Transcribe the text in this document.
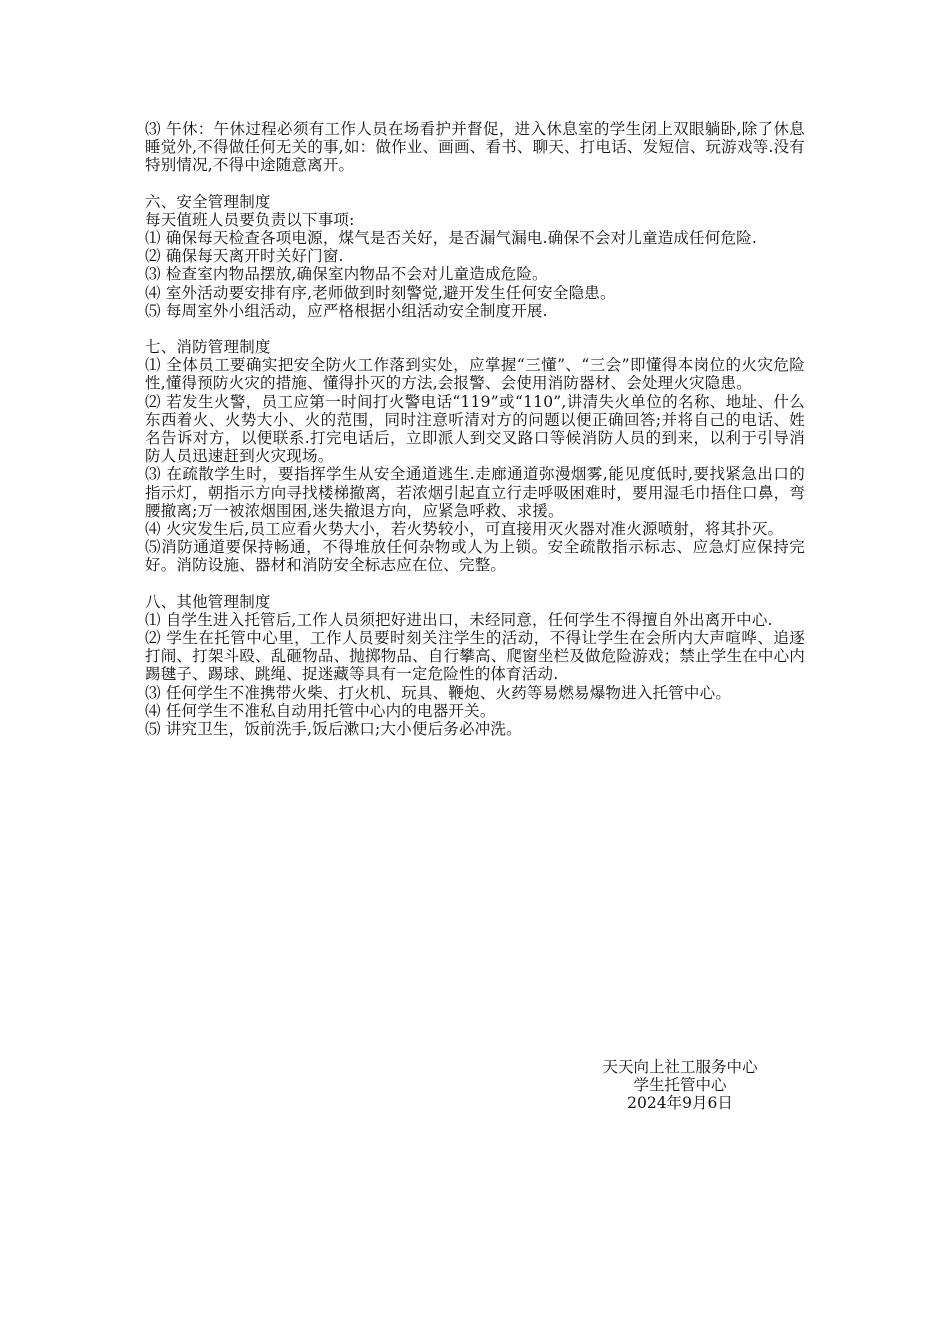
⑶ 午休：午休过程必须有工作人员在场看护并督促，进入休息室的学生闭上双眼躺卧,除了休息睡觉外,不得做任何无关的事,如：做作业、画画、看书、聊天、打电话、发短信、玩游戏等.没有特别情况,不得中途随意离开。

六、安全管理制度

每天值班人员要负责以下事项:

⑴ 确保每天检查各项电源，煤气是否关好，是否漏气漏电.确保不会对儿童造成任何危险.

⑵ 确保每天离开时关好门窗.

⑶ 检查室内物品摆放,确保室内物品不会对儿童造成危险。

⑷ 室外活动要安排有序,老师做到时刻警觉,避开发生任何安全隐患。

⑸ 每周室外小组活动，应严格根据小组活动安全制度开展.

七、消防管理制度

⑴ 全体员工要确实把安全防火工作落到实处，应掌握“三懂”、“三会”即懂得本岗位的火灾危险性,懂得预防火灾的措施、懂得扑灭的方法,会报警、会使用消防器材、会处理火灾隐患。

⑵ 若发生火警，员工应第一时间打火警电话“119”或“110”,讲清失火单位的名称、地址、什么东西着火、火势大小、火的范围，同时注意听清对方的问题以便正确回答;并将自己的电话、姓名告诉对方，以便联系.打完电话后，立即派人到交叉路口等候消防人员的到来，以利于引导消防人员迅速赶到火灾现场。

⑶ 在疏散学生时，要指挥学生从安全通道逃生.走廊通道弥漫烟雾,能见度低时,要找紧急出口的指示灯，朝指示方向寻找楼梯撤离，若浓烟引起直立行走呼吸困难时，要用湿毛巾捂住口鼻，弯腰撤离;万一被浓烟围困,迷失撤退方向，应紧急呼救、求援。

⑷ 火灾发生后,员工应看火势大小，若火势较小，可直接用灭火器对准火源喷射，将其扑灭。

⑸消防通道要保持畅通，不得堆放任何杂物或人为上锁。安全疏散指示标志、应急灯应保持完好。消防设施、器材和消防安全标志应在位、完整。

八、其他管理制度

⑴ 自学生进入托管后,工作人员须把好进出口，未经同意，任何学生不得擅自外出离开中心.

⑵ 学生在托管中心里，工作人员要时刻关注学生的活动，不得让学生在会所内大声喧哗、追逐打闹、打架斗殴、乱砸物品、抛掷物品、自行攀高、爬窗坐栏及做危险游戏；禁止学生在中心内踢毽子、踢球、跳绳、捉迷藏等具有一定危险性的体育活动.

⑶ 任何学生不准携带火柴、打火机、玩具、鞭炮、火药等易燃易爆物进入托管中心。

⑷ 任何学生不准私自动用托管中心内的电器开关。

⑸ 讲究卫生，饭前洗手,饭后漱口;大小便后务必冲洗。

天天向上社工服务中心
学生托管中心
2024年9月6日
